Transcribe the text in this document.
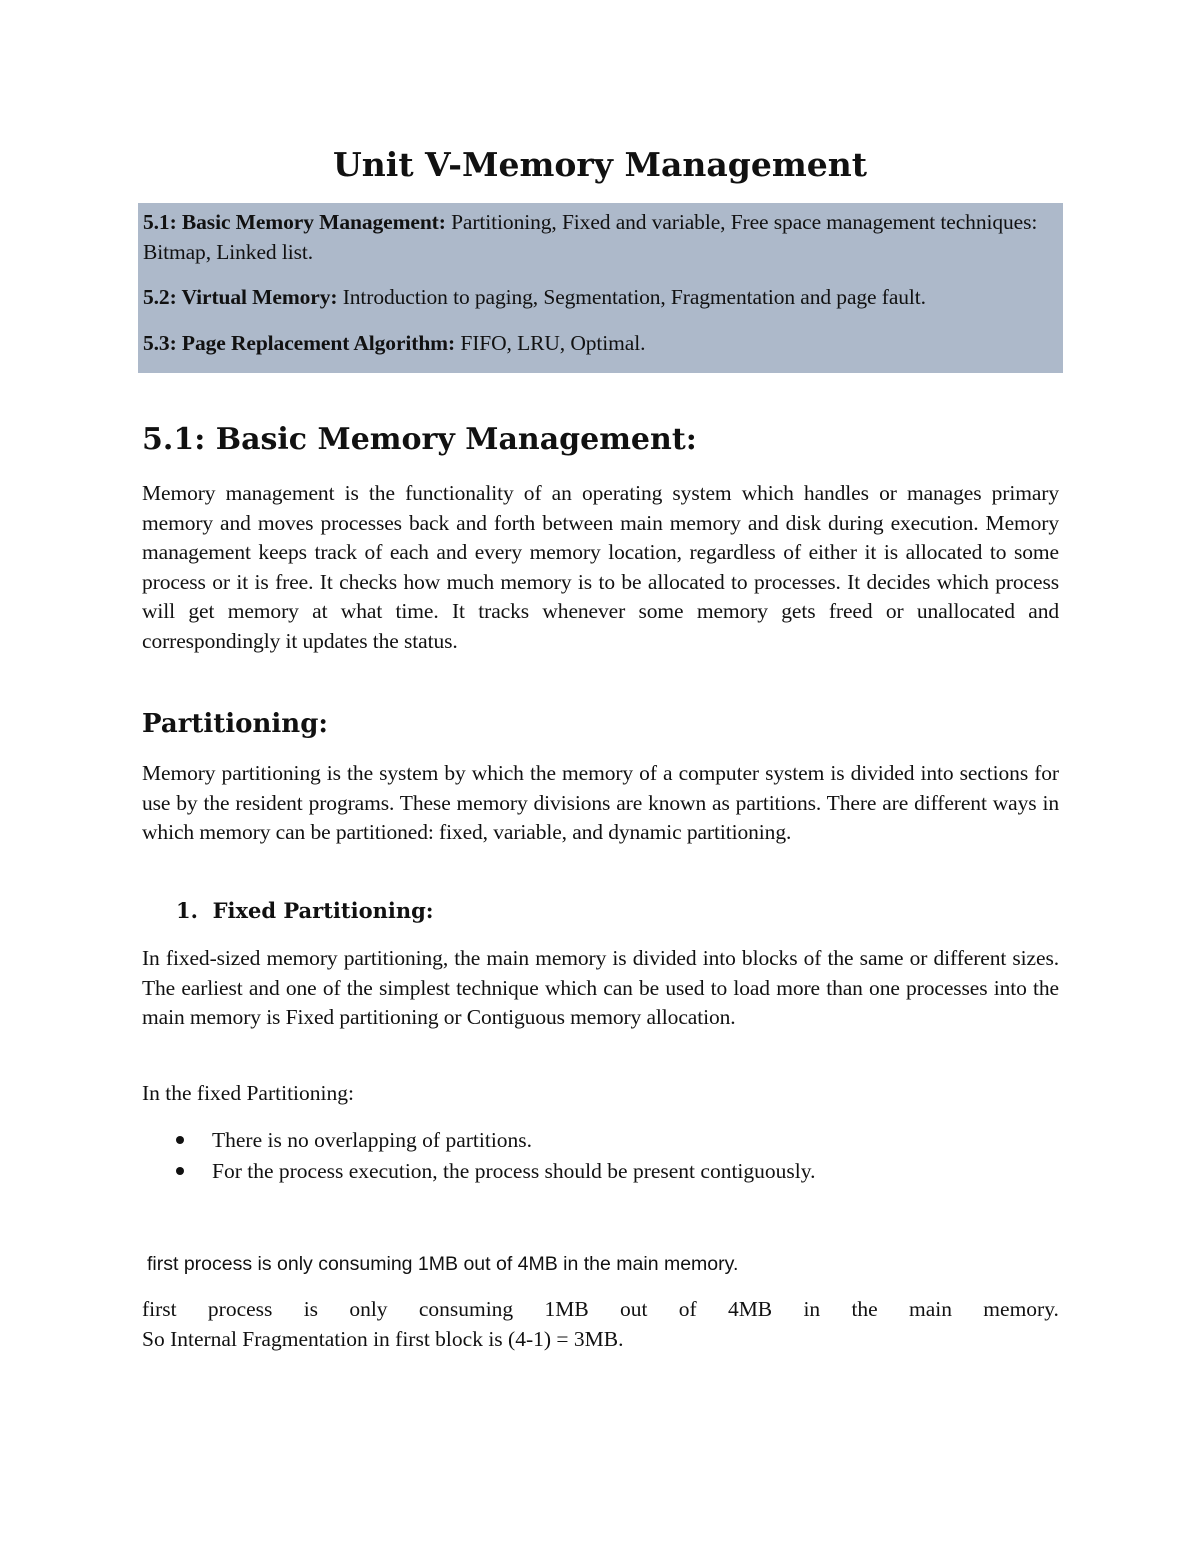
Unit V-Memory Management

5.1: Basic Memory Management: Partitioning, Fixed and variable, Free space management techniques: Bitmap, Linked list.

5.2: Virtual Memory: Introduction to paging, Segmentation, Fragmentation and page fault.

5.3: Page Replacement Algorithm: FIFO, LRU, Optimal.

5.1: Basic Memory Management:

Memory management is the functionality of an operating system which handles or manages primary memory and moves processes back and forth between main memory and disk during execution. Memory management keeps track of each and every memory location, regardless of either it is allocated to some process or it is free. It checks how much memory is to be allocated to processes. It decides which process will get memory at what time. It tracks whenever some memory gets freed or unallocated and correspondingly it updates the status.

Partitioning:

Memory partitioning is the system by which the memory of a computer system is divided into sections for use by the resident programs. These memory divisions are known as partitions. There are different ways in which memory can be partitioned: fixed, variable, and dynamic partitioning.

1. Fixed Partitioning:

In fixed-sized memory partitioning, the main memory is divided into blocks of the same or different sizes. The earliest and one of the simplest technique which can be used to load more than one processes into the main memory is Fixed partitioning or Contiguous memory allocation.

In the fixed Partitioning:

There is no overlapping of partitions.
For the process execution, the process should be present contiguously.

first process is only consuming 1MB out of 4MB in the main memory.

first process is only consuming 1MB out of 4MB in the main memory.
So Internal Fragmentation in first block is (4-1) = 3MB.
